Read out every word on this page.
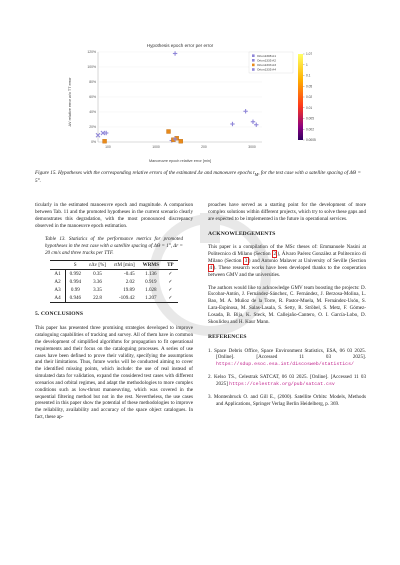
Hypothesis epoch error per error
ΔV relative error w/o TT error
Manoeuvre epoch relative error [min]
120%
100%
80%
60%
40%
20%
0%
100	1000	200	3000
Orion1308 A1
Orion1335 A2
Orion1333 A3
Orion1335 A4
1.07
1
0.1
0.05
0.02
0.01
0.005
0.002
0.0005
Figure 15. Hypotheses with the corresponding relative errors of the estimated Δv and manoeuvre epochs $t_M$, for the test case with a satellite spacing of ΔΘ = 5°.

ticularly in the estimated manoeuvre epoch and magnitude. A comparison between Tab. 11 and the promoted hypotheses in the current scenario clearly demonstrates this degradation, with the most pronounced discrepancy observed in the manoeuvre epoch estimation.

Table 13. Statistics of the performance metrics for promoted hypotheses in the test case with a satellite spacing of ΔΘ = 1°, Δr = 20 cm/s and three tracks per TTF.
	S	εΔv [%]	εtM [min]	WRMS	TP
A1	0.992	0.35	-0.45	1.136	✓
A2	0.994	3.36	2.02	0.919	✓
A3	0.99	3.35	19.89	1.028	✓
A4	0.946	22.8	-109.42	1.207	✓
5. CONCLUSIONS

This paper has presented three promising strategies developed to improve cataloguing capabilities of tracking and survey. All of them have in common the development of simplified algorithms for propagation to fit operational requirements and their focus on the cataloguing processes. A series of use cases have been defined to prove their validity, specifying the assumptions and their limitations. Thus, future works will be conducted aiming to cover the identified missing points, which include: the use of real instead of simulated data for validation, expand the considered test cases with different scenarios and orbital regimes, and adapt the methodologies to more complex conditions such as low-thrust manoeuvring, which was covered in the sequential filtering method but not in the rest. Nevertheless, the use cases presented in this paper show the potential of these methodologies to improve the reliability, availability and accuracy of the space object catalogues. In fact, these ap-

proaches have served as a starting point for the development of more complex solutions within different projects, which try to solve these gaps and are expected to be implemented in the future in operational services.

ACKNOWLEDGEMENTS

This paper is a compilation of the MSc theses of: Emmanuele Nasini at Politecnico di Milano (Section 2 ), Álvaro Paérez González at Politecnico di Milano (Section 3 ) and Antonio Malaver at University of Seville (Section 4 ). These research works have been developed thanks to the cooperation between GMV and the universities.

The authors would like to acknowledge GMV team boosting the projects: D. Escobar-Antón, J. Fernández-Sánchez, C. Fernández, J. Berzosa-Molina, L. Bao, M. A. Muñoz de la Torre, R. Pastor-Muela, M. Fernández-Usón, S. Lara-Espinosa, M. Salas-Lasala, S. Setty, R. Ströbel, S. Metz, F. Gómez-Losada, B. Bija, K. Steck, M. Callejaño-Cantero, O. I. García-Lobo, D. Skoulidou and H. Kaur Mann.

REFERENCES
1. Space Debris Office, Space Environment Statistics, ESA, 06 03 2025. [Online]. [Accessed 11 03 2025]. https://sdup.esoc.esa.int/discosweb/statistics/
2. Kelso TS., Celestrak SATCAT, 06 03 2025. [Online]. [Accessed 11 03 2025] https://celestrak.org/pub/satcat.csv
3. Montenbruck O. and Gill E., (2000). Satellite Orbits: Models, Methods and Applications, Springer Verlag Berlin Heidelberg, p. 369.
